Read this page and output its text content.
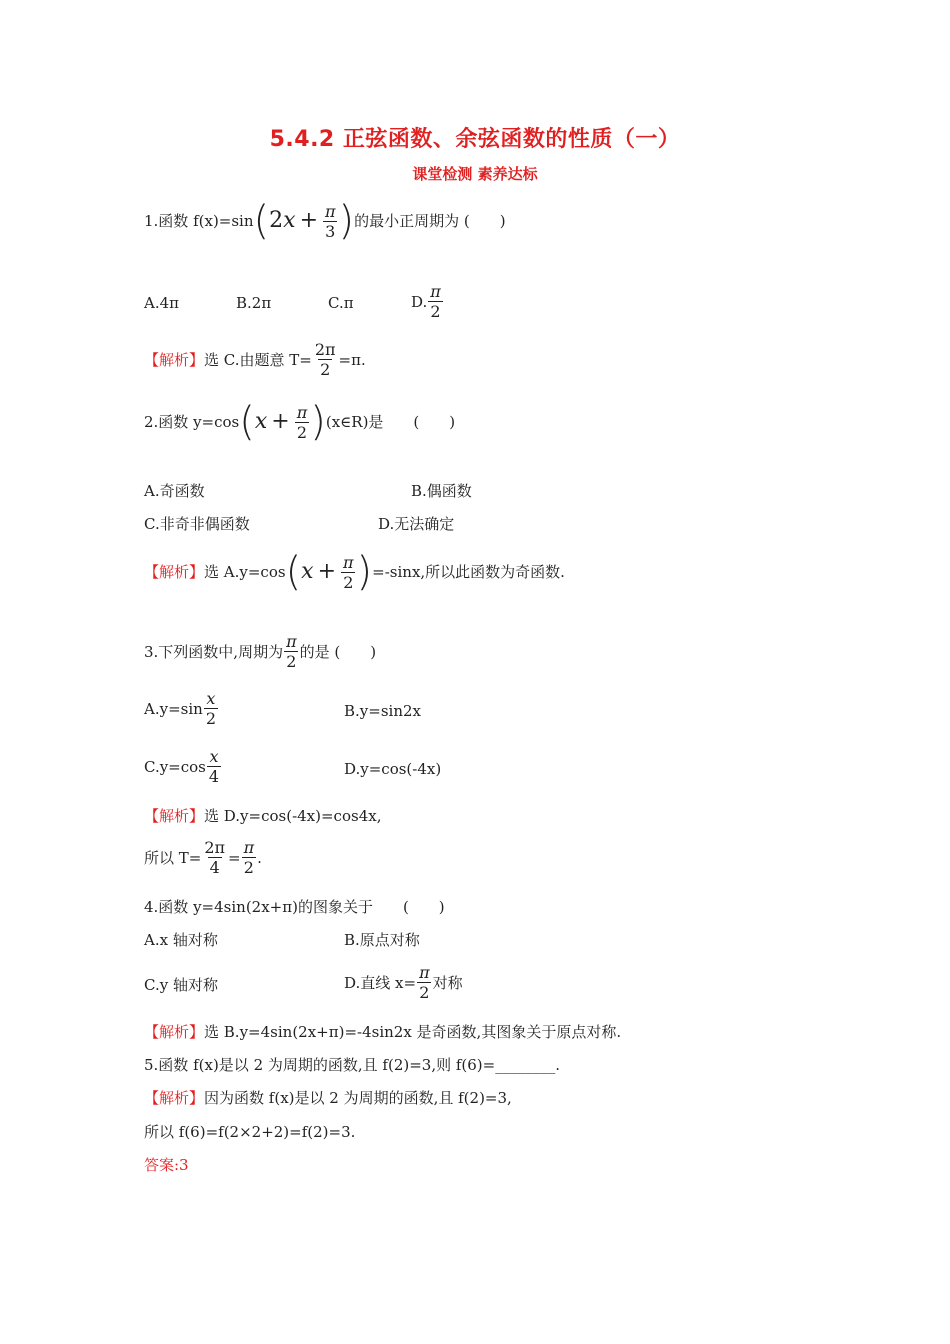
5.4.2 正弦函数、余弦函数的性质（一）
课堂检测 素养达标
1.函数 f(x)=sin ( 2 $x + \frac{\pi}{3}$ ) 的最小正周期为 (　　)
A.4π	B.2π	C.π	D. $\frac{\pi}{2}$
【解析】 选 C.由题意 $T= \frac{2\pi}{2} =\pi$.
2.函数 y=cos ( $x + \frac{\pi}{2}$ ) (x∈R)是　　(　　)
A.奇函数	B.偶函数
C.非奇非偶函数	D.无法确定
【解析】 选 A.y=cos ( $x + \frac{\pi}{2}$ ) =-sinx,所以此函数为奇函数.
3.下列函数中,周期为 $\frac{\pi}{2}$ 的是 (　　)
$A.y=\sin \frac{x}{2}$	B.y=sin2x
$C.y=\cos \frac{x}{4}$	D.y=cos(-4x)
【解析】选 D.y=cos(-4x)=cos4x,
所以 $T= \frac{2\pi}{4} = \frac{\pi}{2}$ .
4.函数 y=4sin(2x+π)的图象关于　　(　　)
A.x 轴对称	B.原点对称
C.y 轴对称	D.直线 $x= \frac{\pi}{2}$ 对称
【解析】选 B.y=4sin(2x+π)=-4sin2x 是奇函数,其图象关于原点对称.
5.函数 f(x)是以 2 为周期的函数,且 f(2)=3,则 f(6)=________.
【解析】因为函数 f(x)是以 2 为周期的函数,且 f(2)=3,
所以 f(6)=f(2×2+2)=f(2)=3.
答案:3
